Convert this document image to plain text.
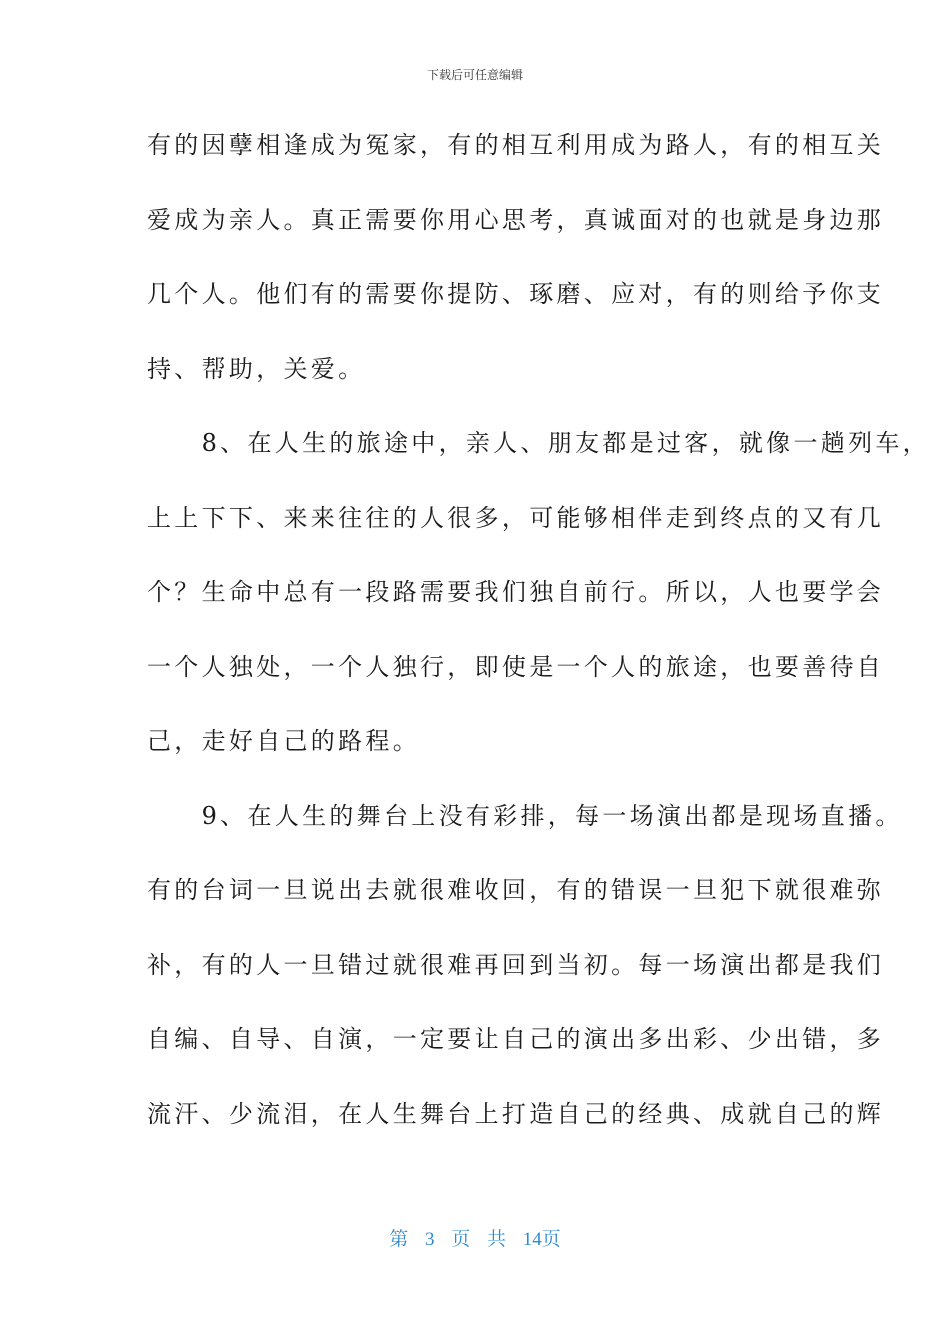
下载后可任意编辑
有的因孽相逢成为冤家，有的相互利用成为路人，有的相互关
爱成为亲人。真正需要你用心思考，真诚面对的也就是身边那
几个人。他们有的需要你提防、琢磨、应对，有的则给予你支
持、帮助，关爱。
　　8、在人生的旅途中，亲人、朋友都是过客，就像一趟列车，
上上下下、来来往往的人很多，可能够相伴走到终点的又有几
个？生命中总有一段路需要我们独自前行。所以，人也要学会
一个人独处，一个人独行，即使是一个人的旅途，也要善待自
己，走好自己的路程。
　　9、在人生的舞台上没有彩排，每一场演出都是现场直播。
有的台词一旦说出去就很难收回，有的错误一旦犯下就很难弥
补，有的人一旦错过就很难再回到当初。每一场演出都是我们
自编、自导、自演，一定要让自己的演出多出彩、少出错，多
流汗、少流泪，在人生舞台上打造自己的经典、成就自己的辉
第 3 页 共 14页
